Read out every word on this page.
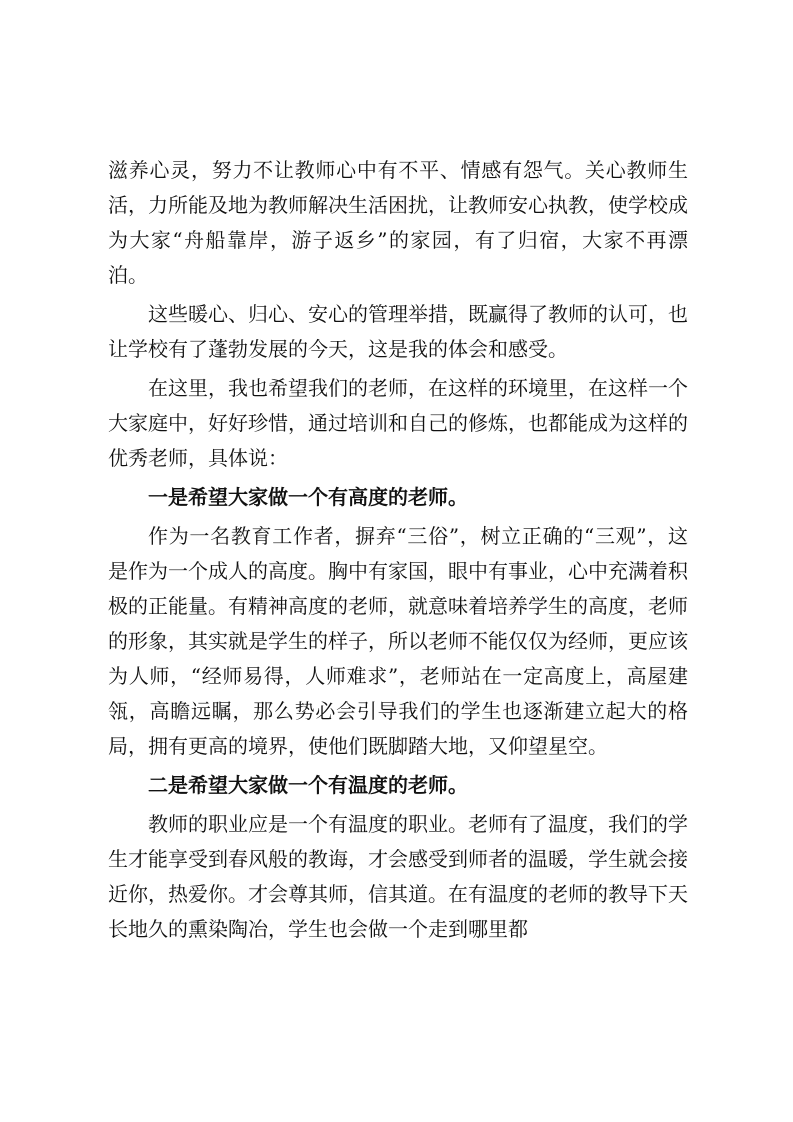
滋养心灵，努力不让教师心中有不平、情感有怨气。关心教师生活，力所能及地为教师解决生活困扰，让教师安心执教，使学校成为大家“舟船靠岸，游子返乡”的家园，有了归宿，大家不再漂泊。

这些暖心、归心、安心的管理举措，既赢得了教师的认可，也让学校有了蓬勃发展的今天，这是我的体会和感受。

在这里，我也希望我们的老师，在这样的环境里，在这样一个大家庭中，好好珍惜，通过培训和自己的修炼，也都能成为这样的优秀老师，具体说：

一是希望大家做一个有高度的老师。

作为一名教育工作者，摒弃“三俗”，树立正确的“三观”，这是作为一个成人的高度。胸中有家国，眼中有事业，心中充满着积极的正能量。有精神高度的老师，就意味着培养学生的高度，老师的形象，其实就是学生的样子，所以老师不能仅仅为经师，更应该为人师，“经师易得，人师难求”，老师站在一定高度上，高屋建瓴，高瞻远瞩，那么势必会引导我们的学生也逐渐建立起大的格局，拥有更高的境界，使他们既脚踏大地，又仰望星空。

二是希望大家做一个有温度的老师。

教师的职业应是一个有温度的职业。老师有了温度，我们的学生才能享受到春风般的教诲，才会感受到师者的温暖，学生就会接近你，热爱你。才会尊其师，信其道。在有温度的老师的教导下天长地久的熏染陶冶，学生也会做一个走到哪里都
